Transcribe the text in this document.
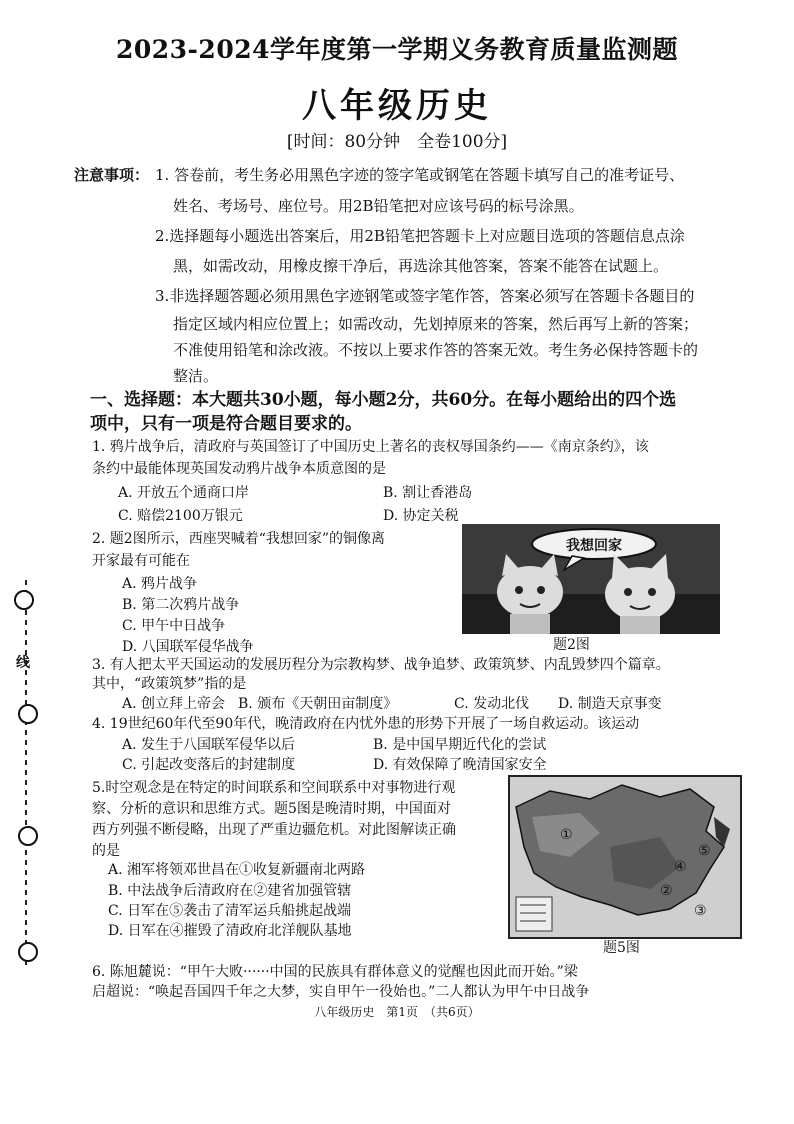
2023-2024学年度第一学期义务教育质量监测题
八年级历史
[时间：80分钟　全卷100分]
注意事项： 1. 答卷前，考生务必用黑色字迹的签字笔或钢笔在答题卡填写自己的准考证号、
姓名、考场号、座位号。用2B铅笔把对应该号码的标号涂黑。
2.选择题每小题选出答案后，用2B铅笔把答题卡上对应题目选项的答题信息点涂
黑，如需改动，用橡皮擦干净后，再选涂其他答案，答案不能答在试题上。
3.非选择题答题必须用黑色字迹钢笔或签字笔作答，答案必须写在答题卡各题目的
指定区域内相应位置上；如需改动，先划掉原来的答案，然后再写上新的答案；
不准使用铅笔和涂改液。不按以上要求作答的答案无效。考生务必保持答题卡的
整洁。
一、选择题：本大题共30小题，每小题2分，共60分。在每小题给出的四个选
项中，只有一项是符合题目要求的。
1. 鸦片战争后，清政府与英国签订了中国历史上著名的丧权辱国条约——《南京条约》，该
条约中最能体现英国发动鸦片战争本质意图的是
A. 开放五个通商口岸	B. 割让香港岛
C. 赔偿2100万银元	D. 协定关税
2. 题2图所示，西座哭喊着“我想回家”的铜像离
开家最有可能在
A. 鸦片战争
B. 第二次鸦片战争
C. 甲午中日战争
D. 八国联军侵华战争
我想回家
题2图
3. 有人把太平天国运动的发展历程分为宗教构梦、战争追梦、政策筑梦、内乱毁梦四个篇章。
其中，“政策筑梦”指的是
A. 创立拜上帝会 B. 颁布《天朝田亩制度》	C. 发动北伐 D. 制造天京事变
4. 19世纪60年代至90年代，晚清政府在内忧外患的形势下开展了一场自救运动。该运动
A. 发生于八国联军侵华以后	B. 是中国早期近代化的尝试
C. 引起改变落后的封建制度	D. 有效保障了晚清国家安全
5.时空观念是在特定的时间联系和空间联系中对事物进行观
察、分析的意识和思维方式。题5图是晚清时期，中国面对
西方列强不断侵略，出现了严重边疆危机。对此图解读正确
的是
A. 湘军将领邓世昌在①收复新疆南北两路
B. 中法战争后清政府在②建省加强管辖
C. 日军在⑤袭击了清军运兵船挑起战端
D. 日军在④摧毁了清政府北洋舰队基地
①
②
③
④
⑤
题5图
6. 陈旭麓说：“甲午大败······中国的民族具有群体意义的觉醒也因此而开始。”梁
启超说：“唤起吾国四千年之大梦，实自甲午一役始也。”二人都认为甲午中日战争
八年级历史　第1页　（共6页）
线
